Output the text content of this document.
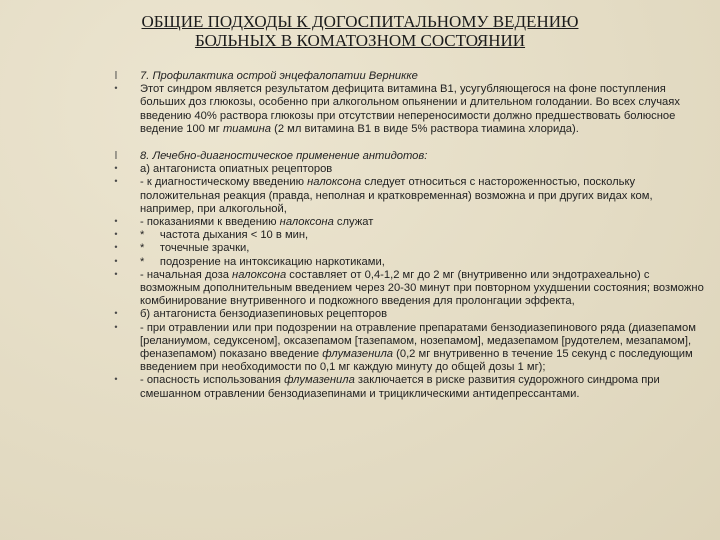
ОБЩИЕ ПОДХОДЫ К ДОГОСПИТАЛЬНОМУ ВЕДЕНИЮ
БОЛЬНЫХ В КОМАТОЗНОМ СОСТОЯНИИ
l	7. Профилактика острой энцефалопатии Верникке
•	Этот синдром является результатом дефицита витамина В1, усугубляющегося на фоне поступления больших доз глюкозы, особенно при алкогольном опьянении и длительном голодании. Во всех случаях введению 40% раствора глюкозы при отсутствии непереносимости должно предшествовать болюсное ведение 100 мг тиамина (2 мл витамина В1 в виде 5% раствора тиамина хлорида).
l	8. Лечебно-диагностическое применение антидотов:
•	а) антагониста опиатных рецепторов
•	- к диагностическому введению налоксона следует относиться с настороженностью, поскольку положительная реакция (правда, неполная и кратковременная) возможна и при других видах ком, например, при алкогольной,
•	- показаниями к введению налоксона служат
•	*     частота дыхания < 10 в мин,
•	*     точечные зрачки,
•	*     подозрение на интоксикацию наркотиками,
•	- начальная доза налоксона составляет от 0,4-1,2 мг до 2 мг (внутривенно или эндотрахеально) с возможным дополнительным введением через 20-30 минут при повторном ухудшении состояния; возможно комбинирование внутривенного и подкожного введения для пролонгации эффекта,
•	б) антагониста бензодиазепиновых рецепторов
•	- при отравлении или при подозрении на отравление препаратами бензодиазепинового ряда (диазепамом [реланиумом, седуксеном], оксазепамом [тазепамом, нозепамом], медазепамом [рудотелем, мезапамом], феназепамом) показано введение флумазенила (0,2 мг внутривенно в течение 15 секунд с последующим введением при необходимости по 0,1 мг каждую минуту до общей дозы 1 мг);
•	- опасность использования флумазенила заключается в риске развития судорожного синдрома при смешанном отравлении бензодиазепинами и трициклическими антидепрессантами.
